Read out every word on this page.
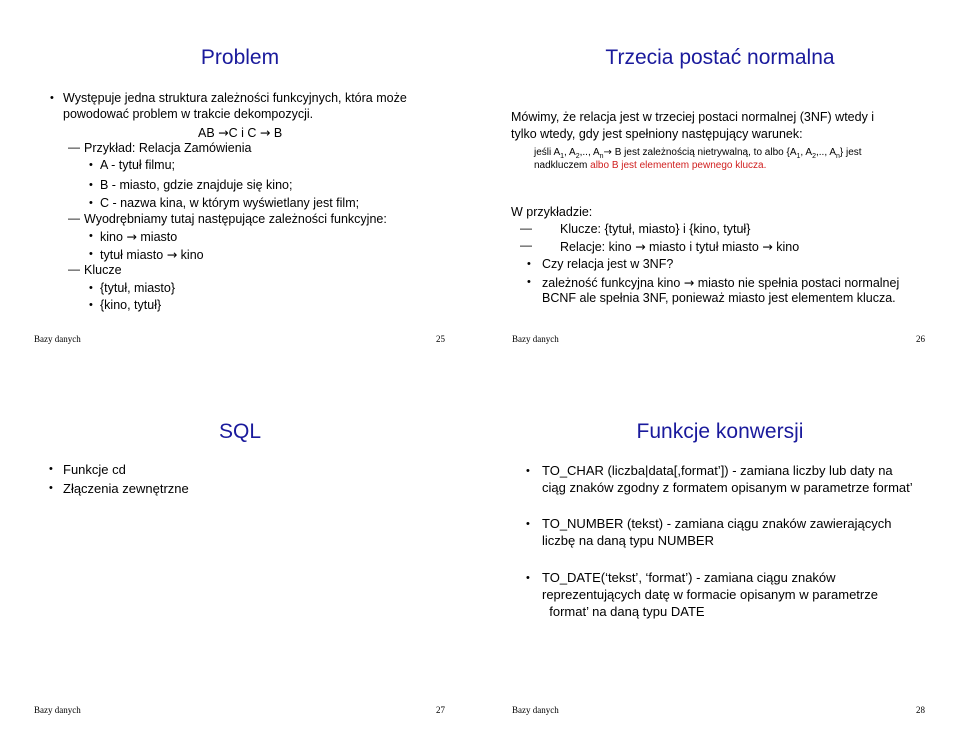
Problem
• Występuje jedna struktura zależności funkcyjnych, która może
powodować problem w trakcie dekompozycji.
AB →C i C → B
— Przykład: Relacja Zamówienia
• A - tytuł filmu;
• B - miasto, gdzie znajduje się kino;
• C - nazwa kina, w którym wyświetlany jest film;
— Wyodrębniamy tutaj następujące zależności funkcyjne:
• kino → miasto
• tytuł miasto → kino
— Klucze
• {tytuł, miasto}
• {kino, tytuł}
Bazy danych	25
Trzecia postać normalna
Mówimy, że relacja jest w trzeciej postaci normalnej (3NF) wtedy i
tylko wtedy, gdy jest spełniony następujący warunek:
jeśli $A_1$, $A_2$,.., $A_n\to B$ jest zależnością nietrywalną, to albo {$A_1$, $A_2$,.., $A_n$} jest
nadkluczem albo B jest elementem pewnego klucza.
W przykładzie:
— Klucze: {tytuł, miasto} i {kino, tytuł}
— Relacje: kino → miasto i tytuł miasto → kino
• Czy relacja jest w 3NF?
• zależność funkcyjna kino → miasto nie spełnia postaci normalnej
BCNF ale spełnia 3NF, ponieważ miasto jest elementem klucza.
Bazy danych	26
SQL
• Funkcje cd
• Złączenia zewnętrzne
Bazy danych	27
Funkcje konwersji
• TO_CHAR (liczba|data[,format’]) - zamiana liczby lub daty na
ciąg znaków zgodny z formatem opisanym w parametrze format’
• TO_NUMBER (tekst) - zamiana ciągu znaków zawierających
liczbę na daną typu NUMBER
• TO_DATE(‘tekst’, ‘format’) - zamiana ciągu znaków
reprezentujących datę w formacie opisanym w parametrze
format’ na daną typu DATE
Bazy danych	28
